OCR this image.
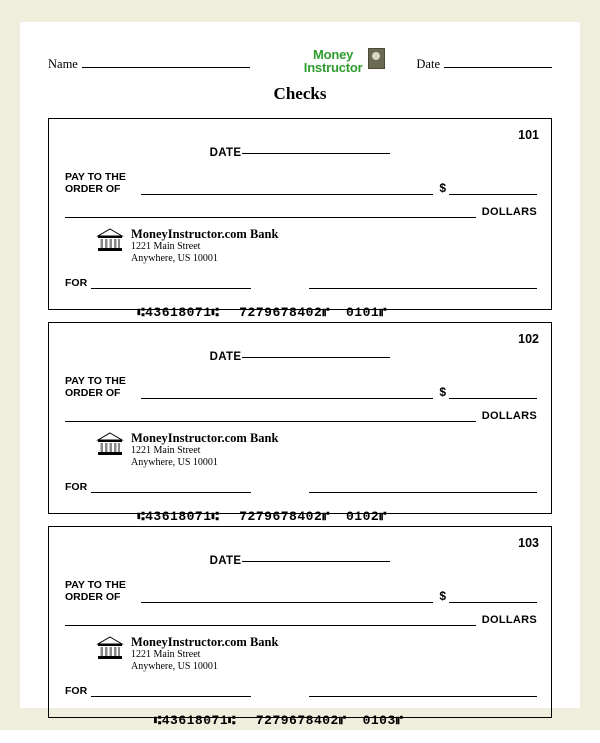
Name
Money
Instructor	Date
Checks
101
DATE
PAY TO THE
ORDER OF	$
DOLLARS
MoneyInstructor.com Bank
1221 Main Street
Anywhere, US 10001
FOR

⑆43618071⑆ 7279678402⑈ 0101⑈

102
DATE
PAY TO THE
ORDER OF	$
DOLLARS
MoneyInstructor.com Bank
1221 Main Street
Anywhere, US 10001
FOR

⑆43618071⑆ 7279678402⑈ 0102⑈

103
DATE
PAY TO THE
ORDER OF	$
DOLLARS
MoneyInstructor.com Bank
1221 Main Street
Anywhere, US 10001
FOR

⑆43618071⑆ 7279678402⑈ 0103⑈
